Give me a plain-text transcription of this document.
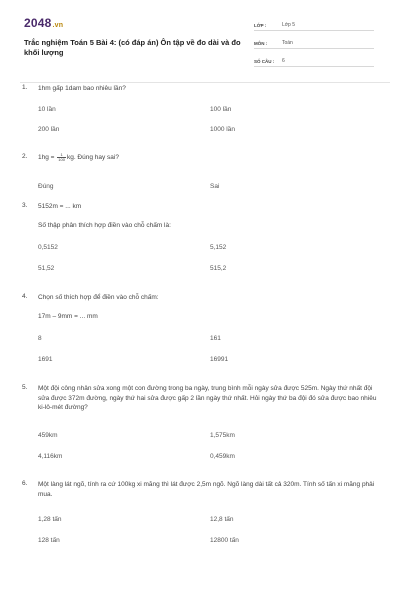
2048.vn
Trắc nghiệm Toán 5 Bài 4: (có đáp án) Ôn tập về đo dài và đo khối lượng
LỚP :	Lớp 5
MÔN :	Toán
SỐ CÂU : 6
1. 1hm gấp 1dam bao nhiêu lần?
10 lần	100 lần
200 lần	1000 lần
2. $1hg = \frac{1}{100}$ kg. Đúng hay sai?
Đúng	Sai
3. 5152m = ... km
Số thập phân thích hợp điền vào chỗ chấm là:
0,5152	5,152
51,52	515,2
4. Chọn số thích hợp để điền vào chỗ chấm:
17m – 9mm = ... mm
8	161
1691	16991
5. Một đội công nhân sửa xong một con đường trong ba ngày, trung bình mỗi ngày sửa được 525m. Ngày thứ nhất đội sửa được 372m đường, ngày thứ hai sửa được gấp 2 lần ngày thứ nhất. Hỏi ngày thứ ba đội đó sửa được bao nhiêu ki-lô-mét đường?
459km	1,575km
4,116km	0,459km
6. Một làng lát ngõ, tính ra cứ 100kg xi măng thì lát được 2,5m ngõ. Ngõ làng dài tất cả 320m. Tính số tấn xi măng phải mua.
1,28 tấn	12,8 tấn
128 tấn	12800 tấn
